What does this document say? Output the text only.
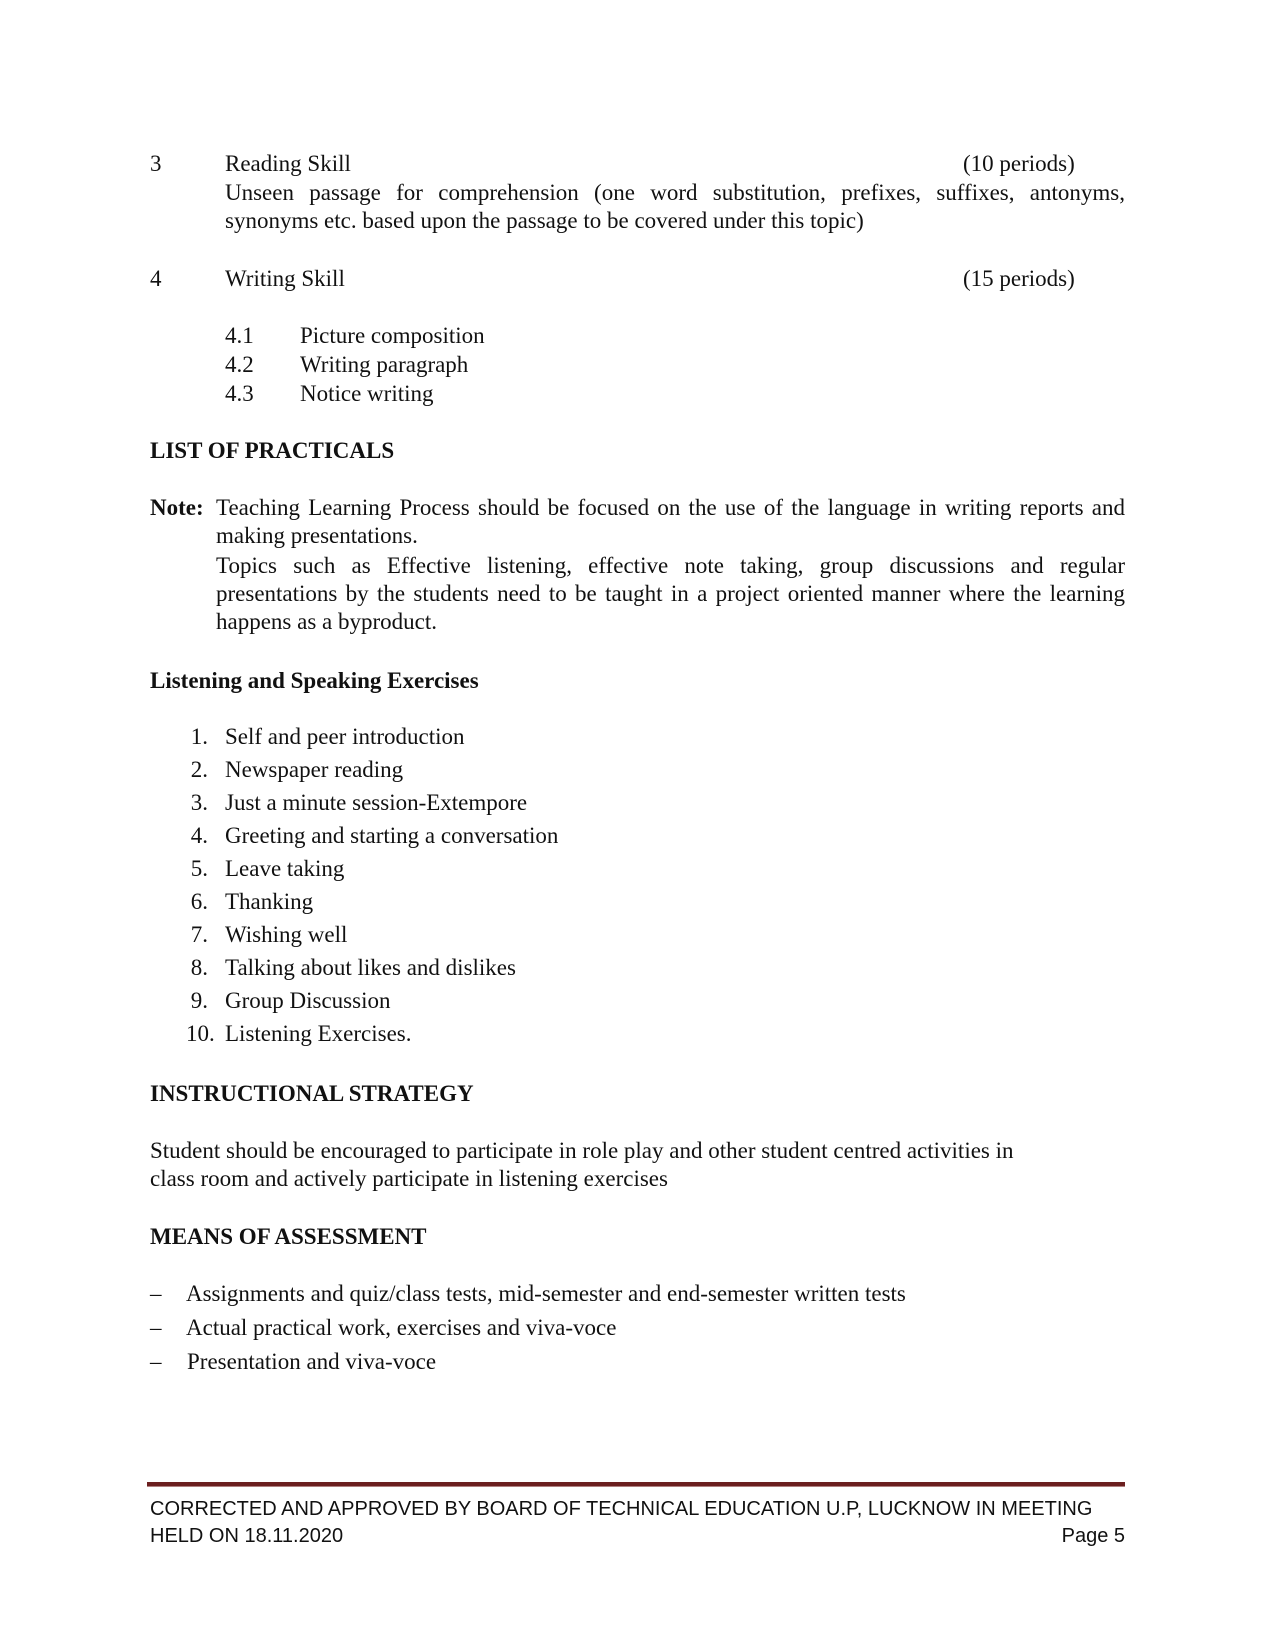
3	Reading Skill	(10 periods)
Unseen passage for comprehension (one word substitution, prefixes, suffixes, antonyms, synonyms etc. based upon the passage to be covered under this topic)
4	Writing Skill	(15 periods)
4.1 Picture composition
4.2 Writing paragraph
4.3 Notice writing
LIST OF PRACTICALS
Note: Teaching Learning Process should be focused on the use of the language in writing reports and making presentations.
Topics such as Effective listening, effective note taking, group discussions and regular presentations by the students need to be taught in a project oriented manner where the learning happens as a byproduct.
Listening and Speaking Exercises
1. Self and peer introduction
2. Newspaper reading
3. Just a minute session-Extempore
4. Greeting and starting a conversation
5. Leave taking
6. Thanking
7. Wishing well
8. Talking about likes and dislikes
9. Group Discussion
10. Listening Exercises.
INSTRUCTIONAL STRATEGY
Student should be encouraged to participate in role play and other student centred activities in
class room and actively participate in listening exercises
MEANS OF ASSESSMENT
– Assignments and quiz/class tests, mid-semester and end-semester written tests
– Actual practical work, exercises and viva-voce
– Presentation and viva-voce
CORRECTED AND APPROVED BY BOARD OF TECHNICAL EDUCATION U.P, LUCKNOW IN MEETING
HELD ON 18.11.2020	Page 5
